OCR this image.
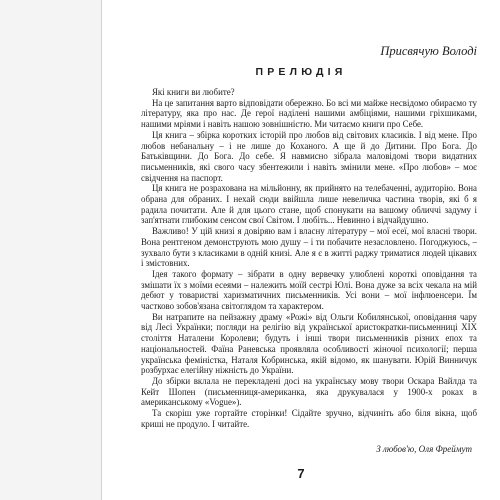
Присвячую Володі

ПРЕЛЮДІЯ

Які книги ви любите?

На це запитання варто відповідати обережно. Бо всі ми майже несвідомо обираємо ту літературу, яка про нас. Де герої наділені нашими амбіціями, нашими гріхшиками, нашими мріями і навіть нашою зовнішністю. Ми читаємо книги про Себе.

Ця книга – збірка коротких історій про любов від світових класиків. І від мене. Про любов небанальну – і не лише до Коханого. А ще й до Дитини. Про Бога. До Батьківщини. До Бога. До себе. Я навмисно зібрала маловідомі твори видатних письменників, які свого часу збентежили і навіть змінили мене. «Про любов» – моє свідчення на паспорт.

Ця книга не розрахована на мільйонну, як прийнято на телебаченні, аудиторію. Вона обрана для обраних. І нехай сюди ввійшла лише невеличка частина творів, які б я радила почитати. Але й для цього стане, щоб спонукати на вашому обличчі задуму і зап'ятнати глибоким сенсом свої Світом. І любіть... Невинно і відчайдушно.

Важливо! У цій книзі я довіряю вам і власну літературу – мої есеї, мої власні твори. Вона рентгеном демонструють мою душу – і ти побачите незасловлено. Погоджуюсь, – зухвало бути з класиками в одній книзі. Але я є в житті раджу триматися людей цікавих і змістовних.

Ідея такого формату – зібрати в одну вервечку улюблені короткі оповідання та змішати їх з моїми есеями – належить моїй сестрі Юлі. Вона дуже за всіх чекала на мій дебют у товаристві харизматичних письменників. Усі вони – мої інфлюенсери. Їм частково зобов'язана світоглядом та характером.

Ви натрапите на пейзажну драму «Рожі» від Ольги Кобилянської, оповідання чару від Лесі Українки; погляди на релігію від української аристократки-письменниці XIX століття Наталени Королеви; будуть і інші твори письменників різних епох та національностей. Фаїна Раневська проявляла особливості жіночої психології; перша українська феміністка, Наталя Кобринська, якій відомо, як шанувати. Юрій Винничук розбурхає елегійну ніжність до України.

До збірки вклала не перекладені досі на українську мову твори Оскара Вайлда та Кейт Шопен (письменниця-американка, яка друкувалася у 1900-х роках в американському «Vogue»).

Та скоріш уже гортайте сторінки! Сідайте зручно, відчиніть або біля вікна, щоб кришi не продуло. І читайте.

З любов'ю, Оля Фреймут

7
